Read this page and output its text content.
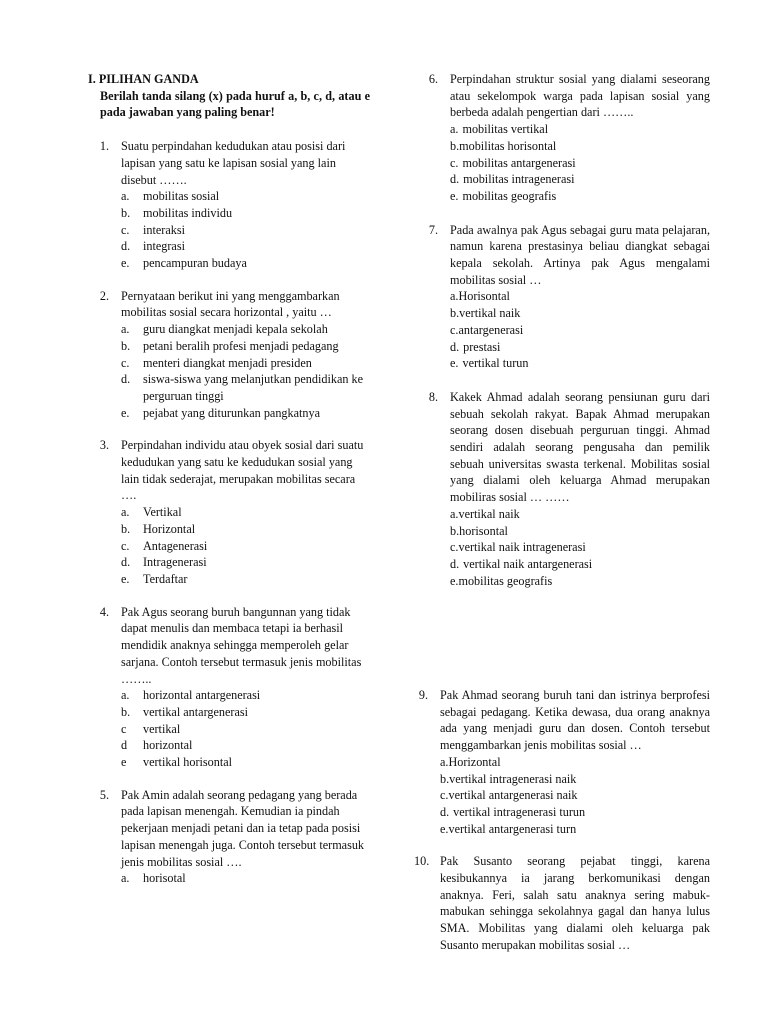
I. PILIHAN GANDA
Berilah tanda silang (x) pada huruf a, b, c, d, atau e pada jawaban yang paling benar!
1. Suatu perpindahan kedudukan atau posisi dari lapisan yang satu ke lapisan sosial yang lain disebut …….
a.	mobilitas sosial
b.	mobilitas individu
c.	interaksi
d.	integrasi
e.	pencampuran budaya
2. Pernyataan berikut ini yang menggambarkan mobilitas sosial secara horizontal , yaitu …
a.	guru diangkat menjadi kepala sekolah
b.	petani beralih profesi menjadi pedagang
c.	menteri diangkat menjadi presiden
d.	siswa-siswa yang melanjutkan pendidikan ke perguruan tinggi
e.	pejabat yang diturunkan pangkatnya
3. Perpindahan individu atau obyek sosial dari suatu kedudukan yang satu ke kedudukan sosial yang lain tidak sederajat, merupakan mobilitas secara ….
a.	Vertikal
b.	Horizontal
c.	Antagenerasi
d.	Intragenerasi
e.	Terdaftar
4. Pak Agus seorang buruh bangunnan yang tidak dapat menulis dan membaca tetapi ia berhasil mendidik anaknya sehingga memperoleh gelar sarjana. Contoh tersebut termasuk jenis mobilitas ……..
a.	horizontal antargenerasi
b.	vertikal antargenerasi
c	vertikal
d	horizontal
e	vertikal horisontal
5. Pak Amin adalah seorang pedagang yang berada pada lapisan menengah. Kemudian ia pindah pekerjaan menjadi petani dan ia tetap pada posisi lapisan menengah juga. Contoh tersebut termasuk jenis mobilitas sosial ….
a.	horisotal
6. Perpindahan struktur sosial yang dialami seseorang atau sekelompok warga pada lapisan sosial yang berbeda adalah pengertian dari ……..
a. mobilitas vertikal
b. mobilitas horisontal
c. mobilitas antargenerasi
d. mobilitas intragenerasi
e. mobilitas geografis
7. Pada awalnya pak Agus sebagai guru mata pelajaran, namun karena prestasinya beliau diangkat sebagai kepala sekolah. Artinya pak Agus mengalami mobilitas sosial …
a. Horisontal
b. vertikal naik
c. antargenerasi
d. prestasi
e. vertikal turun
8. Kakek Ahmad adalah seorang pensiunan guru dari sebuah sekolah rakyat. Bapak Ahmad merupakan seorang dosen disebuah perguruan tinggi. Ahmad sendiri adalah seorang pengusaha dan pemilik sebuah universitas swasta terkenal. Mobilitas sosial yang dialami oleh keluarga Ahmad merupakan mobiliras sosial … ……
a. vertikal naik
b. horisontal
c. vertikal naik intragenerasi
d. vertikal naik antargenerasi
e. mobilitas geografis
9. Pak Ahmad seorang buruh tani dan istrinya berprofesi sebagai pedagang. Ketika dewasa, dua orang anaknya ada yang menjadi guru dan dosen. Contoh tersebut menggambarkan jenis mobilitas sosial …
a. Horizontal
b. vertikal intragenerasi naik
c. vertikal antargenerasi naik
d. vertikal intragenerasi turun
e. vertikal antargenerasi turn
10. Pak Susanto seorang pejabat tinggi, karena kesibukannya ia jarang berkomunikasi dengan anaknya. Feri, salah satu anaknya sering mabuk-mabukan sehingga sekolahnya gagal dan hanya lulus SMA. Mobilitas yang dialami oleh keluarga pak Susanto merupakan mobilitas sosial …
